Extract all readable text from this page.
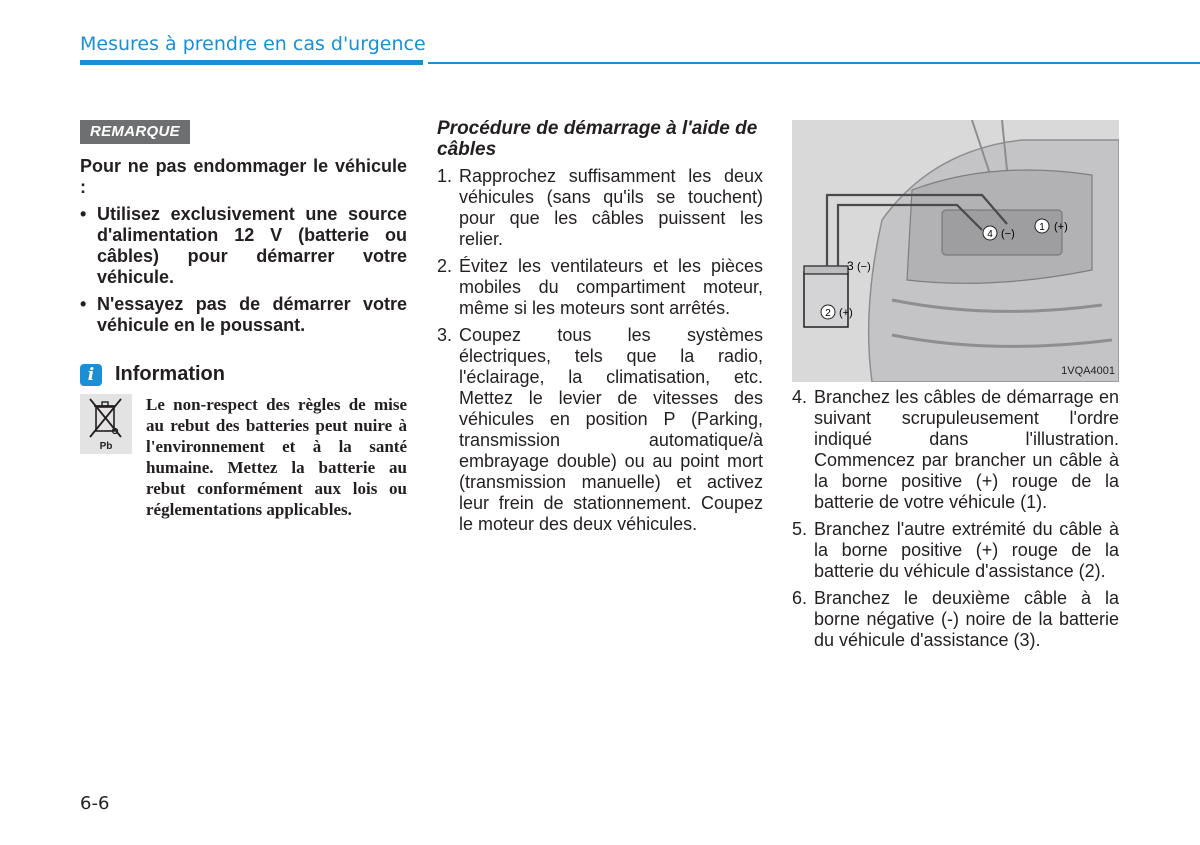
Mesures à prendre en cas d'urgence
REMARQUE
Pour ne pas endommager le véhicule :
• Utilisez exclusivement une source d'alimentation 12 V (batterie ou câbles) pour démarrer votre véhicule.
• N'essayez pas de démarrer votre véhicule en le poussant.
i	Information
Pb
Le non-respect des règles de mise au rebut des batteries peut nuire à l'environnement et à la santé humaine. Mettez la batterie au rebut conformément aux lois ou réglementations applicables.
Procédure de démarrage à l'aide de câbles
1. Rapprochez suffisamment les deux véhicules (sans qu'ils se touchent) pour que les câbles puissent les relier.
2. Évitez les ventilateurs et les pièces mobiles du compartiment moteur, même si les moteurs sont arrêtés.
3. Coupez tous les systèmes électriques, tels que la radio, l'éclairage, la climatisation, etc. Mettez le levier de vitesses des véhicules en position P (Parking, transmission automatique/à embrayage double) ou au point mort (transmission manuelle) et activez leur frein de stationnement. Coupez le moteur des deux véhicules.
1 (+)
2 (+)
3 (−)
4 (−)
1VQA4001
4. Branchez les câbles de démarrage en suivant scrupuleusement l'ordre indiqué dans l'illustration. Commencez par brancher un câble à la borne positive (+) rouge de la batterie de votre véhicule (1).
5. Branchez l'autre extrémité du câble à la borne positive (+) rouge de la batterie du véhicule d'assistance (2).
6. Branchez le deuxième câble à la borne négative (-) noire de la batterie du véhicule d'assistance (3).
6-6
